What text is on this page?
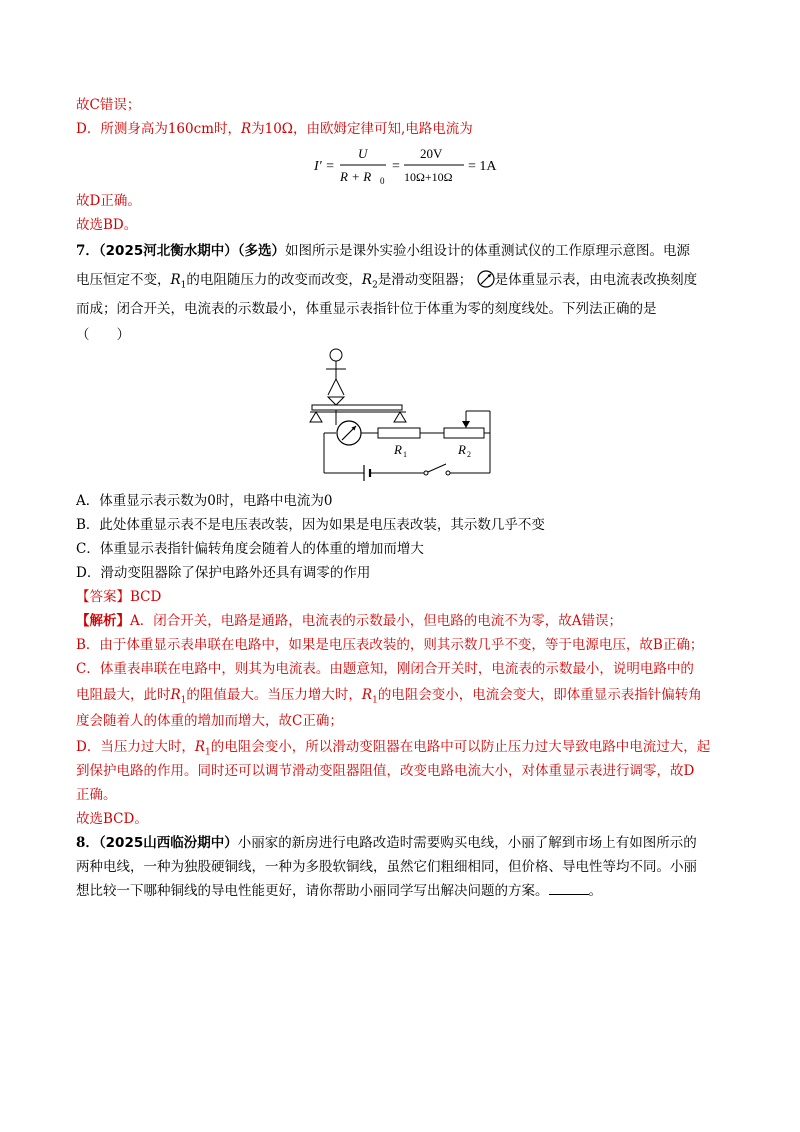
故C错误；
D．所测身高为160cm时，R为10Ω，由欧姆定律可知,电路电流为
I′ =
U
R + R 0
=
20V
10Ω+10Ω
= 1A
故D正确。
故选BD。
7．（2025河北衡水期中）（多选）如图所示是课外实验小组设计的体重测试仪的工作原理示意图。电源
电压恒定不变，$R_1$的电阻随压力的改变而改变，$R_2$是滑动变阻器； 是体重显示表，由电流表改换刻度
而成；闭合开关，电流表的示数最小，体重显示表指针位于体重为零的刻度线处。下列法正确的是
（　　）
R 1	R 2
A．体重显示表示数为0时，电路中电流为0
B．此处体重显示表不是电压表改装，因为如果是电压表改装，其示数几乎不变
C．体重显示表指针偏转角度会随着人的体重的增加而增大
D．滑动变阻器除了保护电路外还具有调零的作用
【答案】BCD
【解析】A．闭合开关，电路是通路，电流表的示数最小，但电路的电流不为零，故A错误；
B．由于体重显示表串联在电路中，如果是电压表改装的，则其示数几乎不变，等于电源电压，故B正确；
C．体重表串联在电路中，则其为电流表。由题意知，刚闭合开关时，电流表的示数最小，说明电路中的
电阻最大，此时$R_1$的阻值最大。当压力增大时，$R_1$的电阻会变小，电流会变大，即体重显示表指针偏转角
度会随着人的体重的增加而增大，故C正确；
D．当压力过大时，$R_1$的电阻会变小，所以滑动变阻器在电路中可以防止压力过大导致电路中电流过大，起
到保护电路的作用。同时还可以调节滑动变阻器阻值，改变电路电流大小，对体重显示表进行调零，故D
正确。
故选BCD。
8．（2025山西临汾期中）小丽家的新房进行电路改造时需要购买电线，小丽了解到市场上有如图所示的
两种电线，一种为独股硬铜线，一种为多股软铜线，虽然它们粗细相同，但价格、导电性等均不同。小丽
想比较一下哪种铜线的导电性能更好，请你帮助小丽同学写出解决问题的方案。	。
